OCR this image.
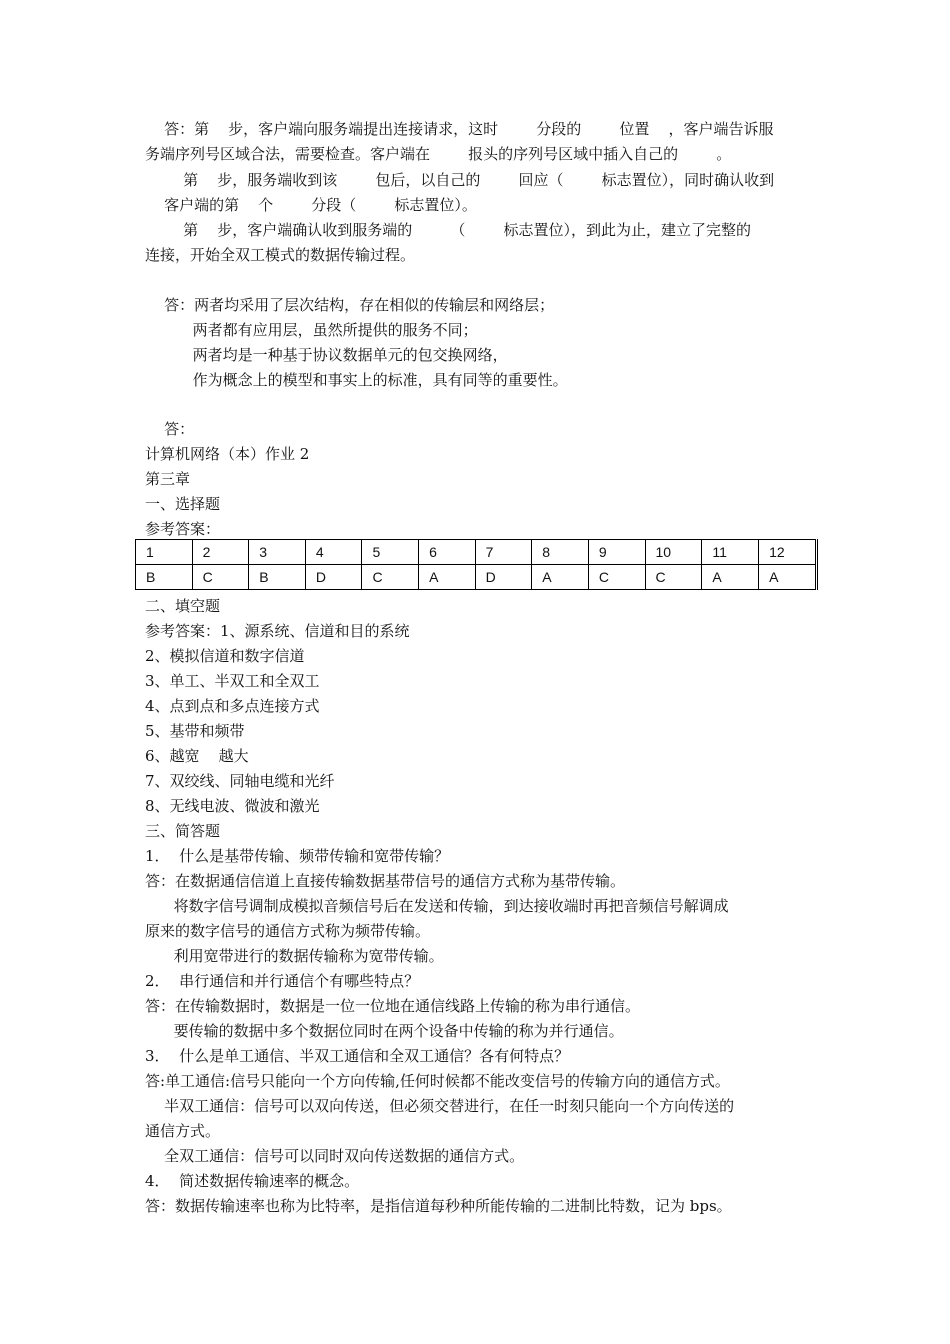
答：第    步，客户端向服务端提出连接请求，这时        分段的        位置    ，客户端告诉服
务端序列号区域合法，需要检查。客户端在        报头的序列号区域中插入自己的        。
第    步，服务端收到该        包后，以自己的        回应（        标志置位），同时确认收到
客户端的第    个        分段（        标志置位）。
第    步，客户端确认收到服务端的        （        标志置位），到此为止，建立了完整的
连接，开始全双工模式的数据传输过程。
答：两者均采用了层次结构，存在相似的传输层和网络层；
两者都有应用层，虽然所提供的服务不同；
两者均是一种基于协议数据单元的包交换网络，
作为概念上的模型和事实上的标准，具有同等的重要性。
答：
计算机网络（本）作业 2
第三章
一、选择题
参考答案：
二、填空题
参考答案：1、源系统、信道和目的系统
2、模拟信道和数字信道
3、单工、半双工和全双工
4、点到点和多点连接方式
5、基带和频带
6、越宽    越大
7、双绞线、同轴电缆和光纤
8、无线电波、微波和激光
三、简答题
1．  什么是基带传输、频带传输和宽带传输？
答：在数据通信信道上直接传输数据基带信号的通信方式称为基带传输。
将数字信号调制成模拟音频信号后在发送和传输，到达接收端时再把音频信号解调成
原来的数字信号的通信方式称为频带传输。
利用宽带进行的数据传输称为宽带传输。
2．  串行通信和并行通信个有哪些特点？
答：在传输数据时，数据是一位一位地在通信线路上传输的称为串行通信。
要传输的数据中多个数据位同时在两个设备中传输的称为并行通信。
3．  什么是单工通信、半双工通信和全双工通信？各有何特点？
答:单工通信:信号只能向一个方向传输,任何时候都不能改变信号的传输方向的通信方式。
半双工通信：信号可以双向传送，但必须交替进行，在任一时刻只能向一个方向传送的
通信方式。
全双工通信：信号可以同时双向传送数据的通信方式。
4．  简述数据传输速率的概念。
答：数据传输速率也称为比特率，是指信道每秒种所能传输的二进制比特数，记为 bps。
1	2	3	4	5	6	7	8	9	10	11	12
B	C	B	D	C	A	D	A	C	C	A	A
